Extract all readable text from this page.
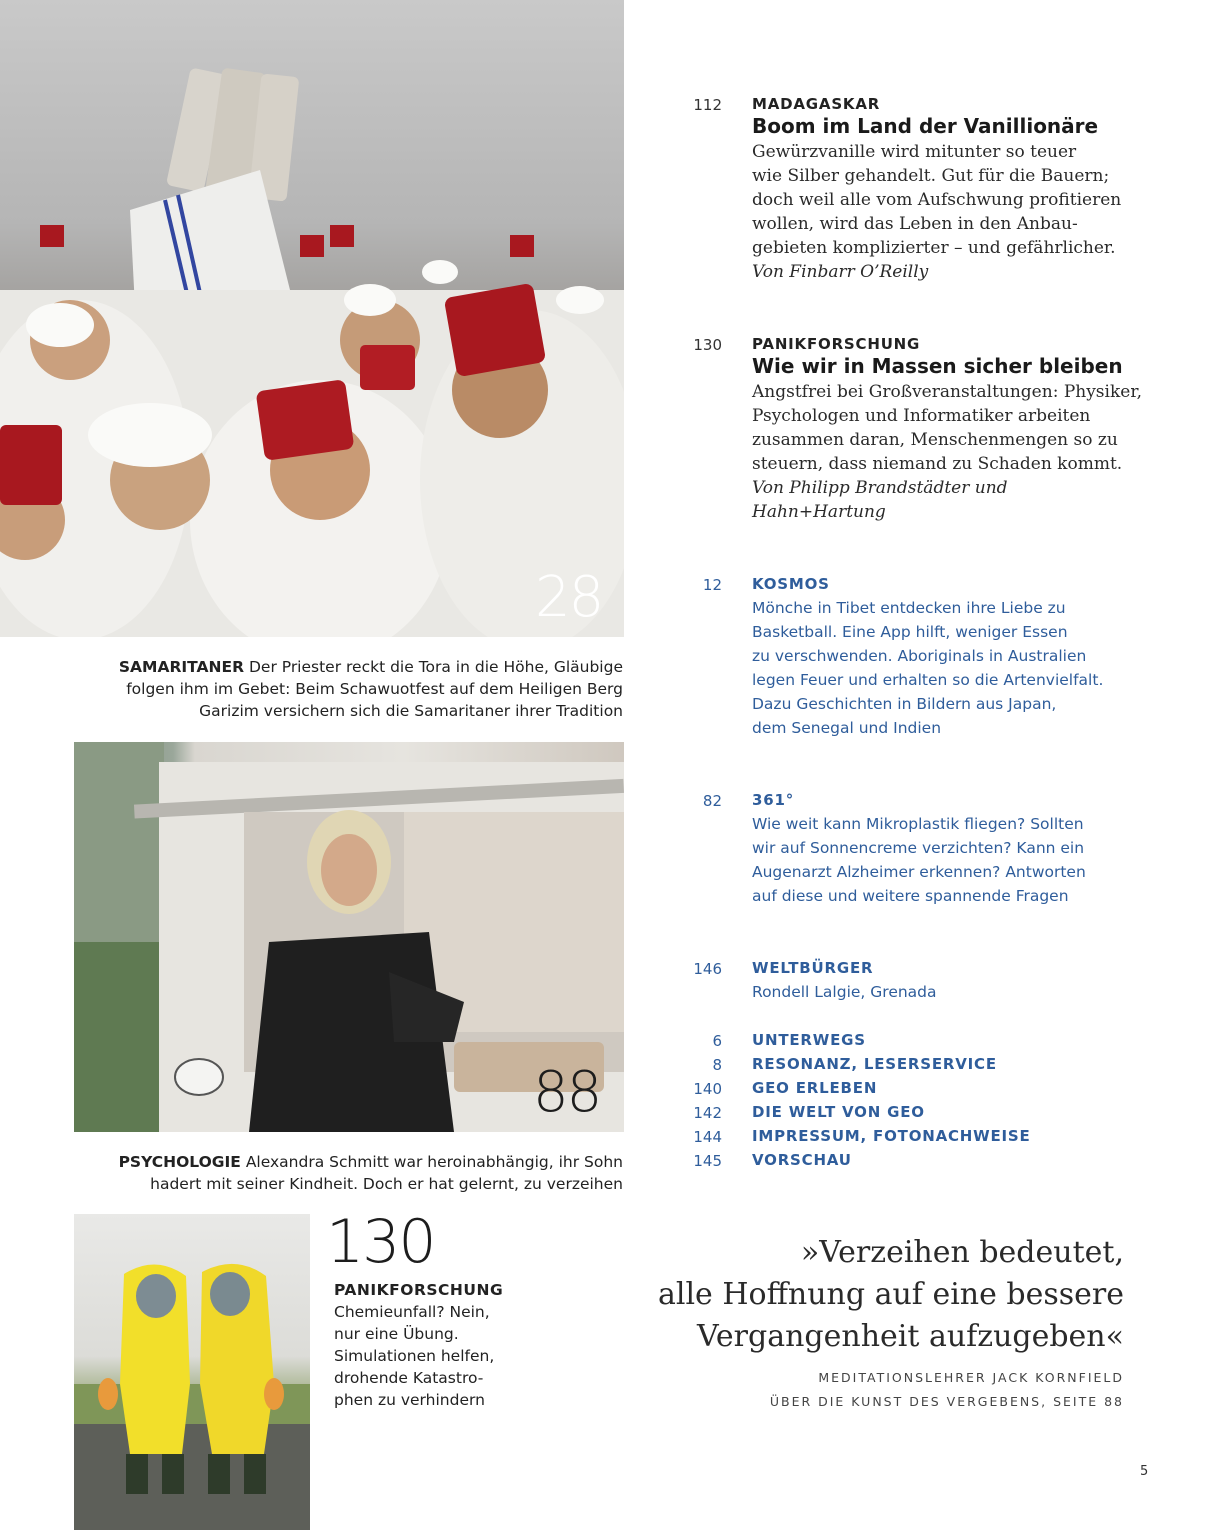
28
SAMARITANER Der Priester reckt die Tora in die Höhe, Gläubige folgen ihm im Gebet: Beim Schawuotfest auf dem Heiligen Berg Garizim versichern sich die Samaritaner ihrer Tradition
88
PSYCHOLOGIE Alexandra Schmitt war heroinabhängig, ihr Sohn hadert mit seiner Kindheit. Doch er hat gelernt, zu verzeihen
130
PANIKFORSCHUNG
Chemieunfall? Nein,
nur eine Übung.
Simulationen helfen,
drohende Katastro-
phen zu verhindern
112 MADAGASKAR
Boom im Land der Vanillionäre
Gewürzvanille wird mitunter so teuer
wie Silber gehandelt. Gut für die Bauern;
doch weil alle vom Aufschwung profitieren
wollen, wird das Leben in den Anbau-
gebieten komplizierter – und gefährlicher.
Von Finbarr O’Reilly
130 PANIKFORSCHUNG
Wie wir in Massen sicher bleiben
Angstfrei bei Großveranstaltungen: Physiker,
Psychologen und Informatiker arbeiten
zusammen daran, Menschenmengen so zu
steuern, dass niemand zu Schaden kommt.
Von Philipp Brandstädter und
Hahn+Hartung
12 KOSMOS
Mönche in Tibet entdecken ihre Liebe zu
Basketball. Eine App hilft, weniger Essen
zu verschwenden. Aboriginals in Australien
legen Feuer und erhalten so die Artenvielfalt.
Dazu Geschichten in Bildern aus Japan,
dem Senegal und Indien
82 361°
Wie weit kann Mikroplastik fliegen? Sollten
wir auf Sonnencreme verzichten? Kann ein
Augenarzt Alzheimer erkennen? Antworten
auf diese und weitere spannende Fragen
146 WELTBÜRGER
Rondell Lalgie, Grenada
6 UNTERWEGS
8 RESONANZ, LESERSERVICE
140 GEO ERLEBEN
142 DIE WELT VON GEO
144 IMPRESSUM, FOTONACHWEISE
145 VORSCHAU
»Verzeihen bedeutet,
alle Hoffnung auf eine bessere
Vergangenheit aufzugeben«
MEDITATIONSLEHRER JACK KORNFIELD
ÜBER DIE KUNST DES VERGEBENS, SEITE 88
5
